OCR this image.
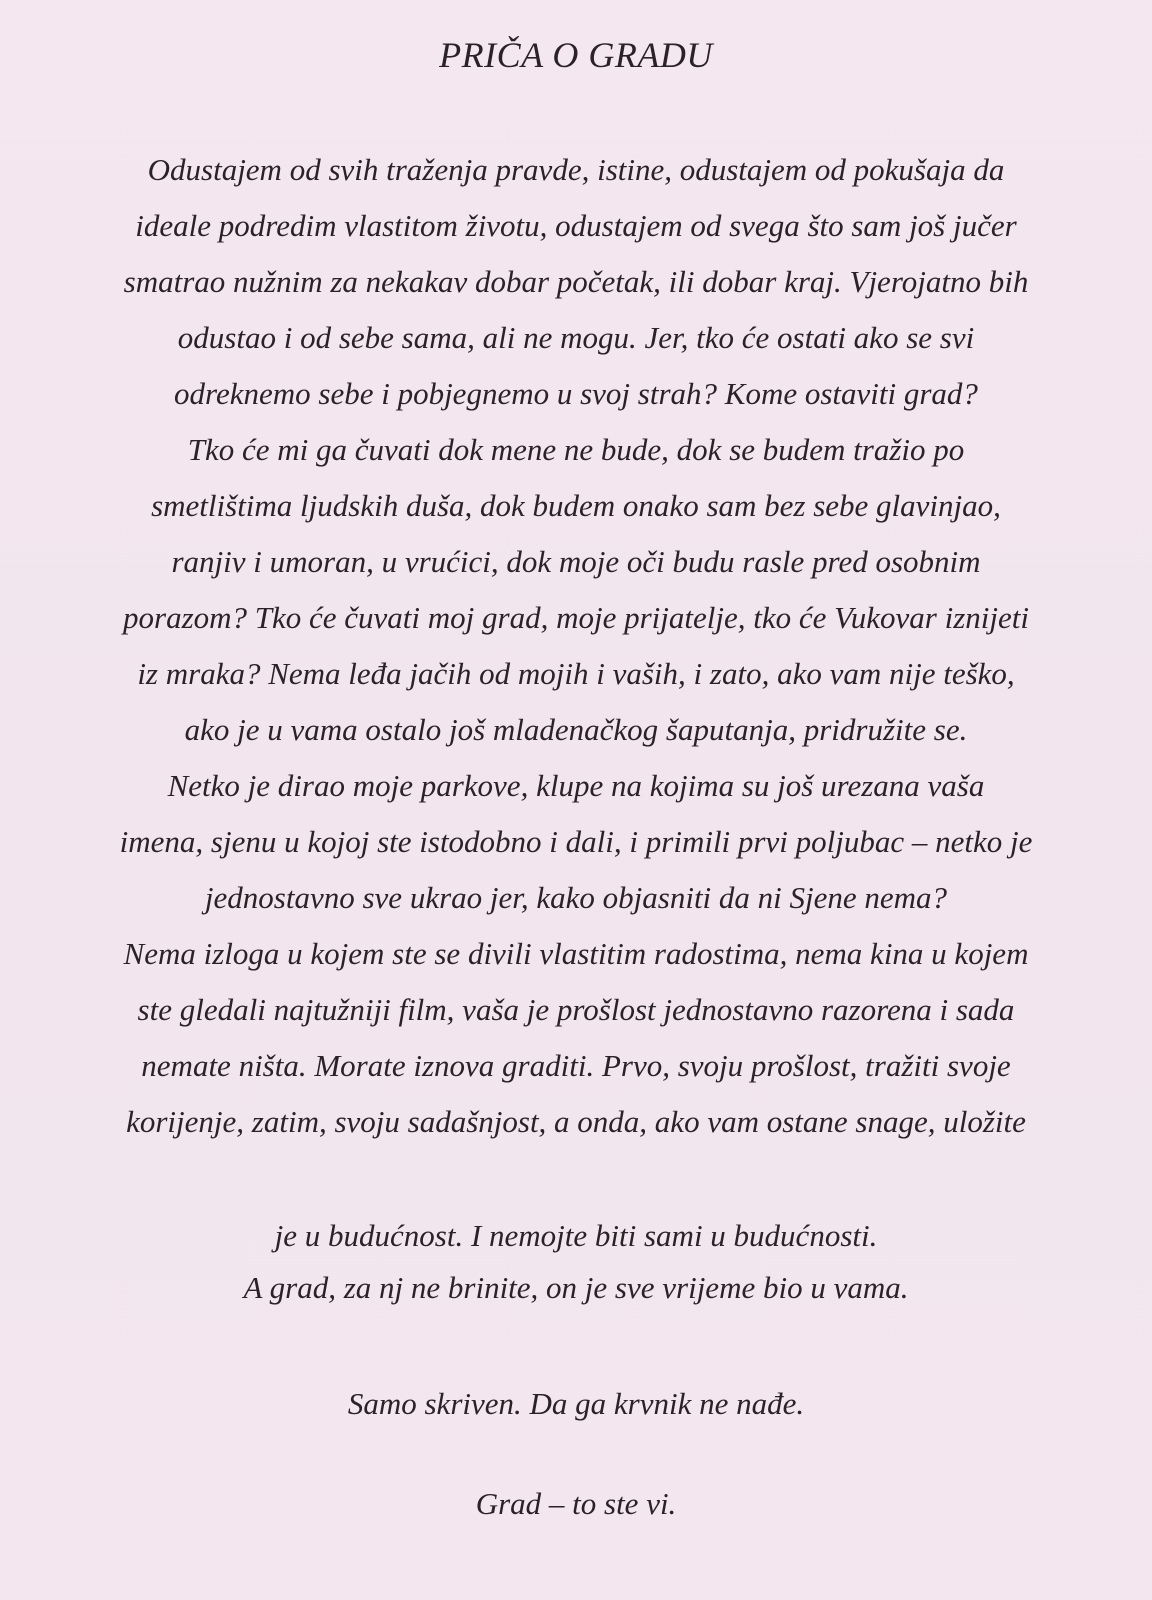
PRIČA O GRADU

Odustajem od svih traženja pravde, istine, odustajem od pokušaja da

ideale podredim vlastitom životu, odustajem od svega što sam još jučer

smatrao nužnim za nekakav dobar početak, ili dobar kraj. Vjerojatno bih

odustao i od sebe sama, ali ne mogu. Jer, tko će ostati ako se svi

odreknemo sebe i pobjegnemo u svoj strah? Kome ostaviti grad?

Tko će mi ga čuvati dok mene ne bude, dok se budem tražio po

smetlištima ljudskih duša, dok budem onako sam bez sebe glavinjao,

ranjiv i umoran, u vrućici, dok moje oči budu rasle pred osobnim

porazom? Tko će čuvati moj grad, moje prijatelje, tko će Vukovar iznijeti

iz mraka? Nema leđa jačih od mojih i vaših, i zato, ako vam nije teško,

ako je u vama ostalo još mladenačkog šaputanja, pridružite se.

Netko je dirao moje parkove, klupe na kojima su još urezana vaša

imena, sjenu u kojoj ste istodobno i dali, i primili prvi poljubac – netko je

jednostavno sve ukrao jer, kako objasniti da ni Sjene nema?

Nema izloga u kojem ste se divili vlastitim radostima, nema kina u kojem

ste gledali najtužniji film, vaša je prošlost jednostavno razorena i sada

nemate ništa. Morate iznova graditi. Prvo, svoju prošlost, tražiti svoje

korijenje, zatim, svoju sadašnjost, a onda, ako vam ostane snage, uložite

je u budućnost. I nemojte biti sami u budućnosti.

A grad, za nj ne brinite, on je sve vrijeme bio u vama.

Samo skriven. Da ga krvnik ne nađe.

Grad – to ste vi.
